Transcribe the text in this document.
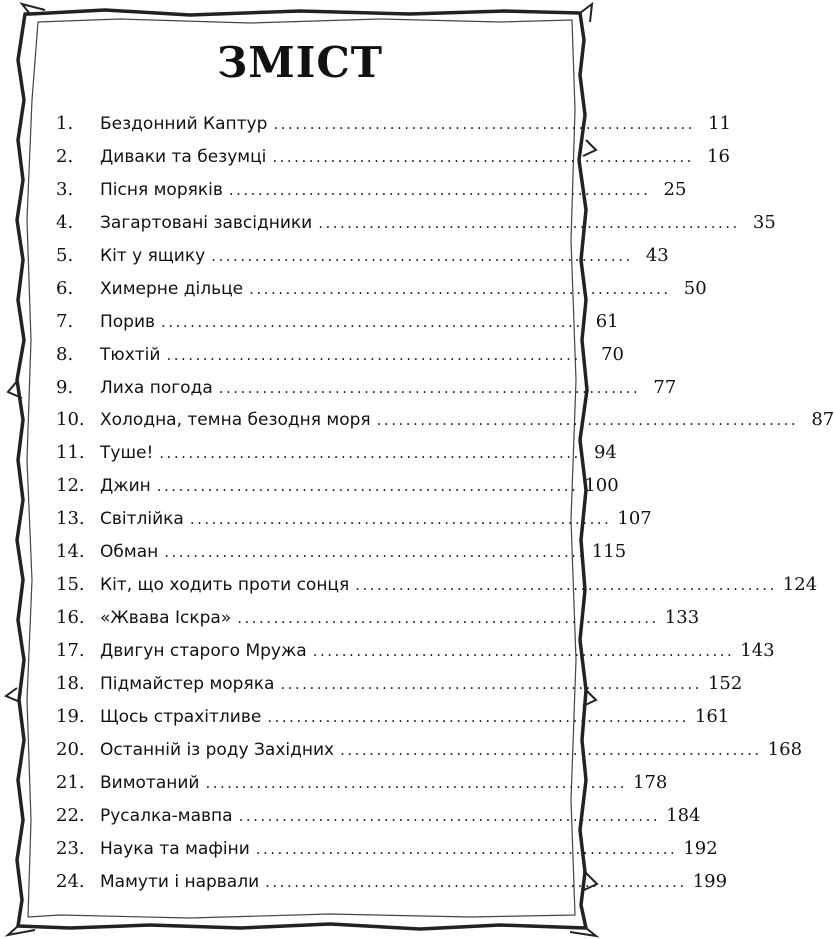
ЗМІСТ
1.	Бездонний Каптур .......................................................... 11
2.	Диваки та безумці .......................................................... 16
3.	Пісня моряків .......................................................... 25
4.	Загартовані завсідники .......................................................... 35
5.	Кіт у ящику .......................................................... 43
6.	Химерне дільце .......................................................... 50
7.	Порив .......................................................... 61
8.	Тюхтій .......................................................... 70
9.	Лиха погода .......................................................... 77
10. Холодна, темна безодня моря .......................................................... 87
11. Туше! .......................................................... 94
12. Джин .......................................................... 100
13. Світлійка .......................................................... 107
14. Обман .......................................................... 115
15. Кіт, що ходить проти сонця .......................................................... 124
16. «Жвава Іскра» .......................................................... 133
17. Двигун старого Мружа .......................................................... 143
18. Підмайстер моряка .......................................................... 152
19. Щось страхітливе .......................................................... 161
20. Останній із роду Західних .......................................................... 168
21. Вимотаний .......................................................... 178
22. Русалка-мавпа .......................................................... 184
23. Наука та мафіни .......................................................... 192
24. Мамути і нарвали .......................................................... 199
